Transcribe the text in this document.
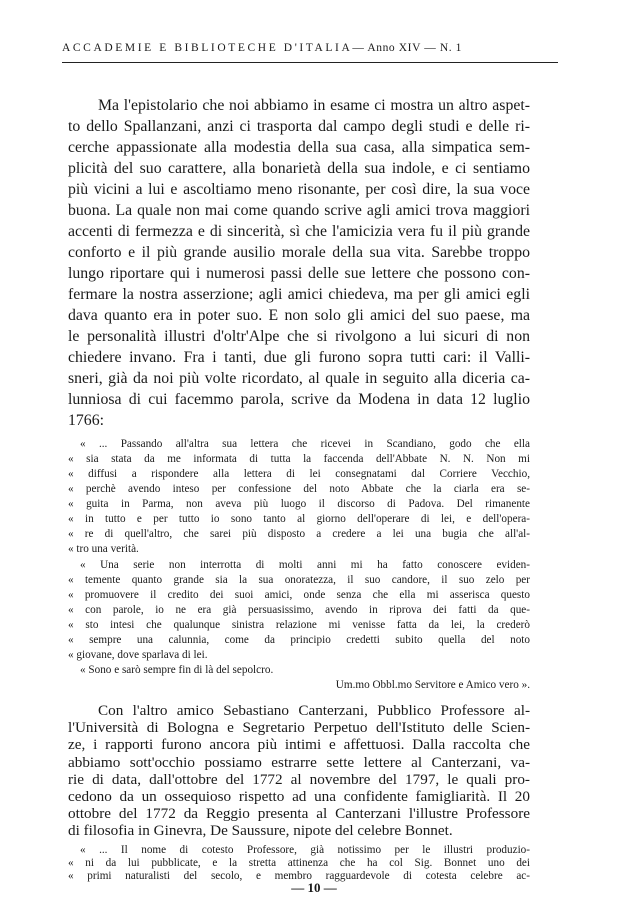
ACCADEMIE E BIBLIOTECHE D'ITALIA— Anno XIV — N. 1

Ma l'epistolario che noi abbiamo in esame ci mostra un altro aspet-

to dello Spallanzani, anzi ci trasporta dal campo degli studi e delle ri-

cerche appassionate alla modestia della sua casa, alla simpatica sem-

plicità del suo carattere, alla bonarietà della sua indole, e ci sentiamo

più vicini a lui e ascoltiamo meno risonante, per così dire, la sua voce

buona. La quale non mai come quando scrive agli amici trova maggiori

accenti di fermezza e di sincerità, sì che l'amicizia vera fu il più grande

conforto e il più grande ausilio morale della sua vita. Sarebbe troppo

lungo riportare qui i numerosi passi delle sue lettere che possono con-

fermare la nostra asserzione; agli amici chiedeva, ma per gli amici egli

dava quanto era in poter suo. E non solo gli amici del suo paese, ma

le personalità illustri d'oltr'Alpe che si rivolgono a lui sicuri di non

chiedere invano. Fra i tanti, due gli furono sopra tutti cari: il Valli-

sneri, già da noi più volte ricordato, al quale in seguito alla diceria ca-

lunniosa di cui facemmo parola, scrive da Modena in data 12 luglio

1766:

« ... Passando all'altra sua lettera che ricevei in Scandiano, godo che ella

« sia stata da me informata di tutta la faccenda dell'Abbate N. N. Non mi

« diffusi a rispondere alla lettera di lei consegnatami dal Corriere Vecchio,

« perchè avendo inteso per confessione del noto Abbate che la ciarla era se-

« guita in Parma, non aveva più luogo il discorso di Padova. Del rimanente

« in tutto e per tutto io sono tanto al giorno dell'operare di lei, e dell'opera-

« re di quell'altro, che sarei più disposto a credere a lei una bugia che all'al-

« tro una verità.

« Una serie non interrotta di molti anni mi ha fatto conoscere eviden-

« temente quanto grande sia la sua onoratezza, il suo candore, il suo zelo per

« promuovere il credito dei suoi amici, onde senza che ella mi asserisca questo

« con parole, io ne era già persuasissimo, avendo in riprova dei fatti da que-

« sto intesi che qualunque sinistra relazione mi venisse fatta da lei, la crederò

« sempre una calunnia, come da principio credetti subito quella del noto

« giovane, dove sparlava di lei.

« Sono e sarò sempre fin di là del sepolcro.

Um.mo Obbl.mo Servitore e Amico vero ».

Con l'altro amico Sebastiano Canterzani, Pubblico Professore al-

l'Università di Bologna e Segretario Perpetuo dell'Istituto delle Scien-

ze, i rapporti furono ancora più intimi e affettuosi. Dalla raccolta che

abbiamo sott'occhio possiamo estrarre sette lettere al Canterzani, va-

rie di data, dall'ottobre del 1772 al novembre del 1797, le quali pro-

cedono da un ossequioso rispetto ad una confidente famigliarità. Il 20

ottobre del 1772 da Reggio presenta al Canterzani l'illustre Professore

di filosofia in Ginevra, De Saussure, nipote del celebre Bonnet.

— 10 —

« ... Il nome di cotesto Professore, già notissimo per le illustri produzio-

« ni da lui pubblicate, e la stretta attinenza che ha col Sig. Bonnet uno dei

« primi naturalisti del secolo, e membro ragguardevole di cotesta celebre ac-
